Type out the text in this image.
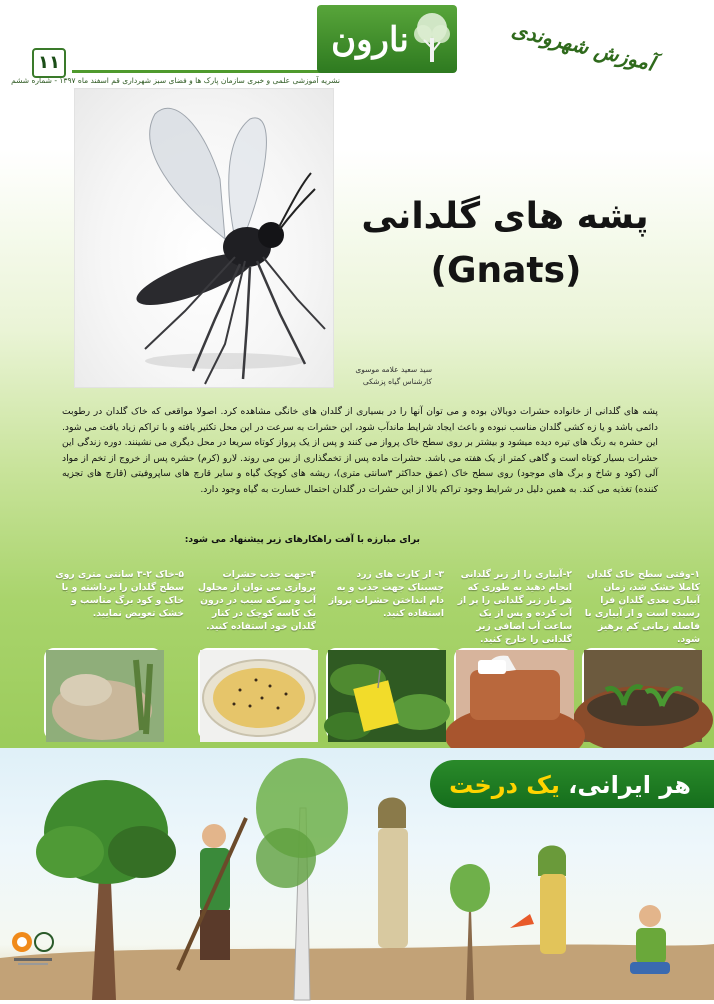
۱۱
نشریه آموزشی علمی و خبری سازمان پارک ها و فضای سبز شهرداری قم اسفند ماه ۱۳۹۷ - شماره ششم
نارون	آموزش شهروندی
سید سعید علامه موسوی
کارشناس گیاه پزشکی
پشه های گلدانی
(Gnats)
پشه های گلدانی از خانواده حشرات دوبالان بوده و می توان آنها را در بسیاری از گلدان های خانگی مشاهده کرد. اصولا مواقعی که خاک گلدان در رطوبت دائمی باشد و یا زه کشی گلدان مناسب نبوده و باعث ایجاد شرایط ماندآب شود، این حشرات به سرعت در این محل تکثیر یافته و با تراکم زیاد یافت می شود. این حشره به رنگ های تیره دیده میشود و بیشتر بر روی سطح خاک پرواز می کنند و پس از یک پرواز کوتاه سریعا در محل دیگری می نشینند. دوره زندگی این حشرات بسیار کوتاه است و گاهی کمتر از یک هفته می باشد. حشرات ماده پس از تخمگذاری از بین می روند. لارو (کرم) حشره پس از خروج از تخم از مواد آلی (کود و شاخ و برگ های موجود) روی سطح خاک (عمق حداکثر ۳سانتی متری)، ریشه های کوچک گیاه و سایر قارچ های ساپروفیتی (قارچ های تجزیه کننده) تغذیه می کند. به همین دلیل در شرایط وجود تراکم بالا از این حشرات در گلدان احتمال خسارت به گیاه وجود دارد.
برای مبارزه با آفت راهکارهای زیر پیشنهاد می شود:
۱-وقتی سطح خاک گلدان کاملا خشک شد، زمان آبیاری بعدی گلدان فرا رسیده است و از آبیاری با فاصله زمانی کم پرهیز شود.
۲-آبیاری را از زیر گلدانی انجام دهید به طوری که هر بار زیر گلدانی را پر از آب کرده و پس از یک ساعت آب اضافی زیر گلدانی را خارج کنید.
۳- از کارت های زرد چسبناک جهت جذب و به دام انداختن حشرات پرواز استفاده کنید.
۴-جهت جذب حشرات پروازی می توان از محلول آب و سرکه سیب در درون یک کاسه کوچک در کنار گلدان خود استفاده کنید.
۵-خاک ۲-۳ سانتی متری روی سطح گلدان را برداشته و با خاک و کود برگ مناسب و خشک تعویض نمایید.
هر ایرانی، یک درخت
